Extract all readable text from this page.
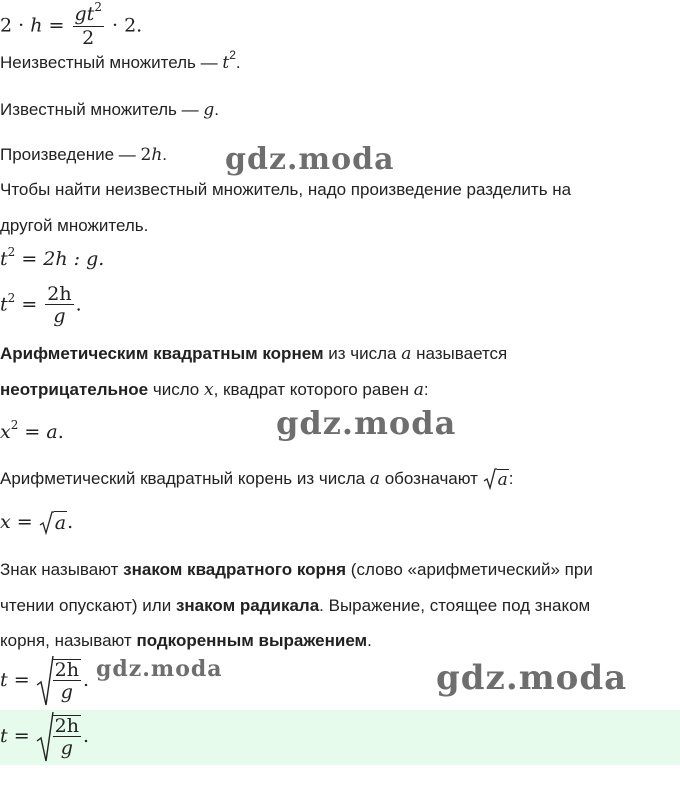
$2 \cdot h = \frac{gt^2}{2} \cdot 2$.
Неизвестный множитель — $t^2$.
Известный множитель — g.
Произведение — 2h.
Чтобы найти неизвестный множитель, надо произведение разделить на
другой множитель.
$t^2 = 2h$ : g.
$t^2 = \frac{2h}{g}$ .
Арифметическим квадратным корнем из числа a называется
неотрицательное число x, квадрат которого равен a:
$x^2 = a$.
Арифметический квадратный корень из числа a обозначают a:
x = a.
Знак называют знаком квадратного корня (слово «арифметический» при
чтении опускают) или знаком радикала. Выражение, стоящее под знаком
корня, называют подкоренным выражением.
$t = \frac{2h}{g}$ .
$t = \frac{2h}{g}$ .
gdz.moda
gdz.moda
gdz.moda	gdz.moda
